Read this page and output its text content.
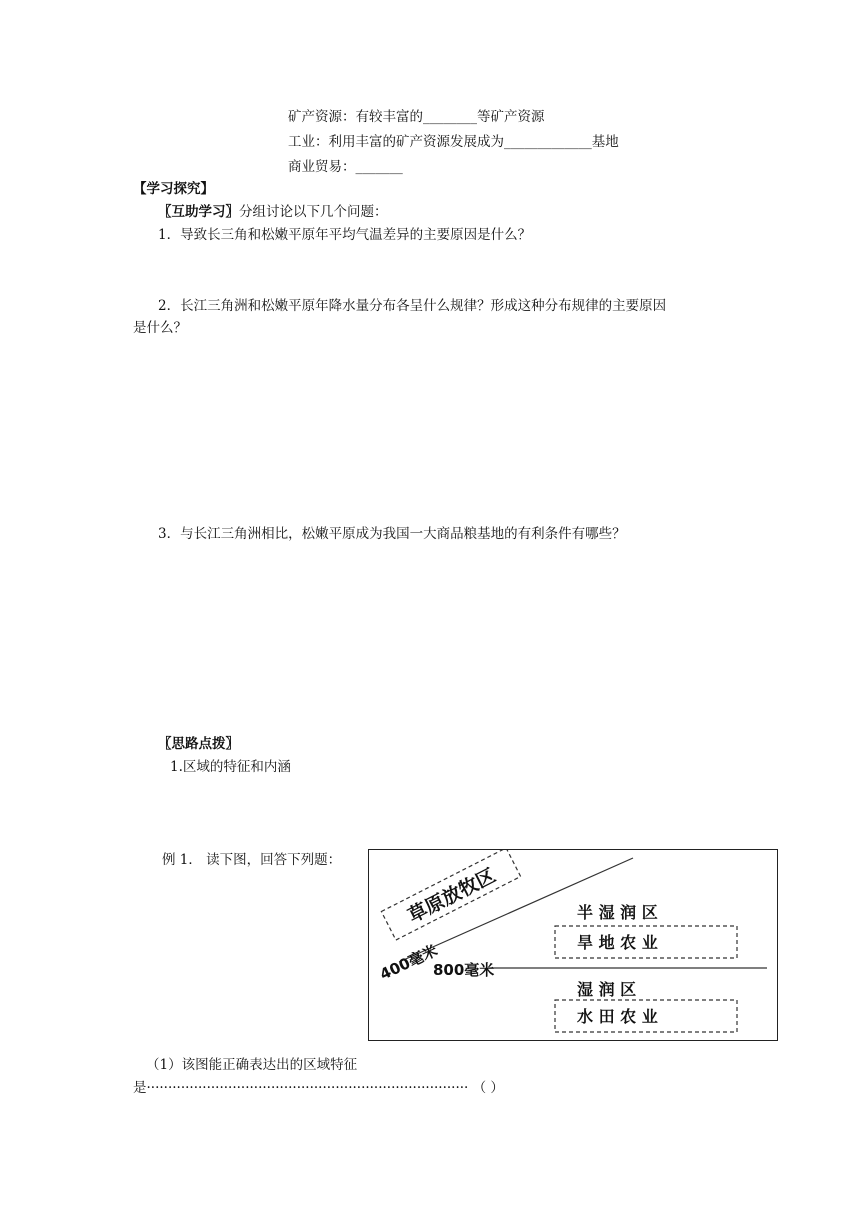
矿产资源：有较丰富的________等矿产资源
工业：利用丰富的矿产资源发展成为_____________基地
商业贸易：_______
【学习探究】
〖互助学习〗分组讨论以下几个问题：
1．导致长三角和松嫩平原年平均气温差异的主要原因是什么？
2．长江三角洲和松嫩平原年降水量分布各呈什么规律？形成这种分布规律的主要原因
是什么？
3．与长江三角洲相比，松嫩平原成为我国一大商品粮基地的有利条件有哪些？
〖思路点拨〗
1.区域的特征和内涵
例 1． 读下图，回答下列题：
草原放牧区
400毫米
800毫米
半 湿 润 区
旱 地 农 业
湿 润 区
水 田 农 业
（1）该图能正确表达出的区域特征
是··········································································· （ ）
